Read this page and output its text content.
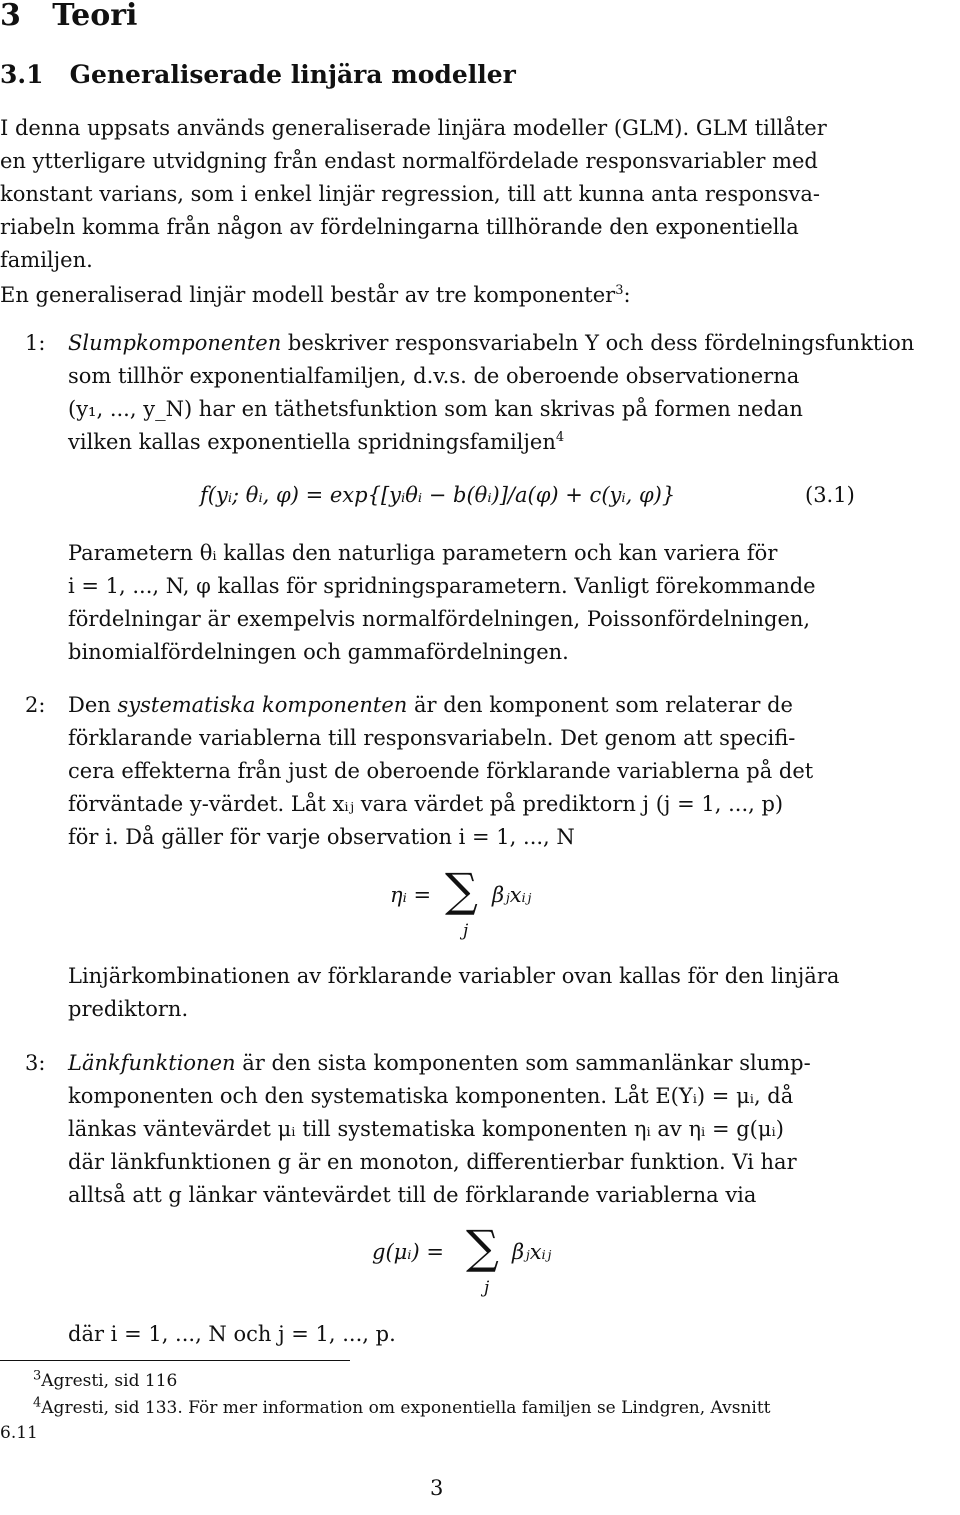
3 Teori
3.1 Generaliserade linjära modeller
I denna uppsats används generaliserade linjära modeller (GLM). GLM tillåter
en ytterligare utvidgning från endast normalfördelade responsvariabler med
konstant varians, som i enkel linjär regression, till att kunna anta responsva-
riabeln komma från någon av fördelningarna tillhörande den exponentiella
familjen.
En generaliserad linjär modell består av tre komponenter$^3$:
1: Slumpkomponenten beskriver responsvariabeln Y och dess fördelningsfunktion
som tillhör exponentialfamiljen, d.v.s. de oberoende observationerna
(y₁, ..., y_N) har en täthetsfunktion som kan skrivas på formen nedan
vilken kallas exponentiella spridningsfamiljen$^4$
f(yᵢ; θᵢ, φ) = exp{[yᵢθᵢ − b(θᵢ)]/a(φ) + c(yᵢ, φ)}	(3.1)
Parametern θᵢ kallas den naturliga parametern och kan variera för
i = 1, ..., N, φ kallas för spridningsparametern. Vanligt förekommande
fördelningar är exempelvis normalfördelningen, Poissonfördelningen,
binomialfördelningen och gammafördelningen.
2: Den systematiska komponenten är den komponent som relaterar de
förklarande variablerna till responsvariabeln. Det genom att specifi-
cera effekterna från just de oberoende förklarande variablerna på det
förväntade y-värdet. Låt xᵢⱼ vara värdet på prediktorn j (j = 1, ..., p)
för i. Då gäller för varje observation i = 1, ..., N
ηᵢ = ∑
j
βⱼxᵢⱼ
Linjärkombinationen av förklarande variabler ovan kallas för den linjära
prediktorn.
3: Länkfunktionen är den sista komponenten som sammanlänkar slump-
komponenten och den systematiska komponenten. Låt E(Yᵢ) = μᵢ, då
länkas väntevärdet μᵢ till systematiska komponenten ηᵢ av ηᵢ = g(μᵢ)
där länkfunktionen g är en monoton, differentierbar funktion. Vi har
alltså att g länkar väntevärdet till de förklarande variablerna via
g(μᵢ) = ∑
j
βⱼxᵢⱼ
där i = 1, ..., N och j = 1, ..., p.
$^3$Agresti, sid 116
$^4$Agresti, sid 133. För mer information om exponentiella familjen se Lindgren, Avsnitt
6.11
3
